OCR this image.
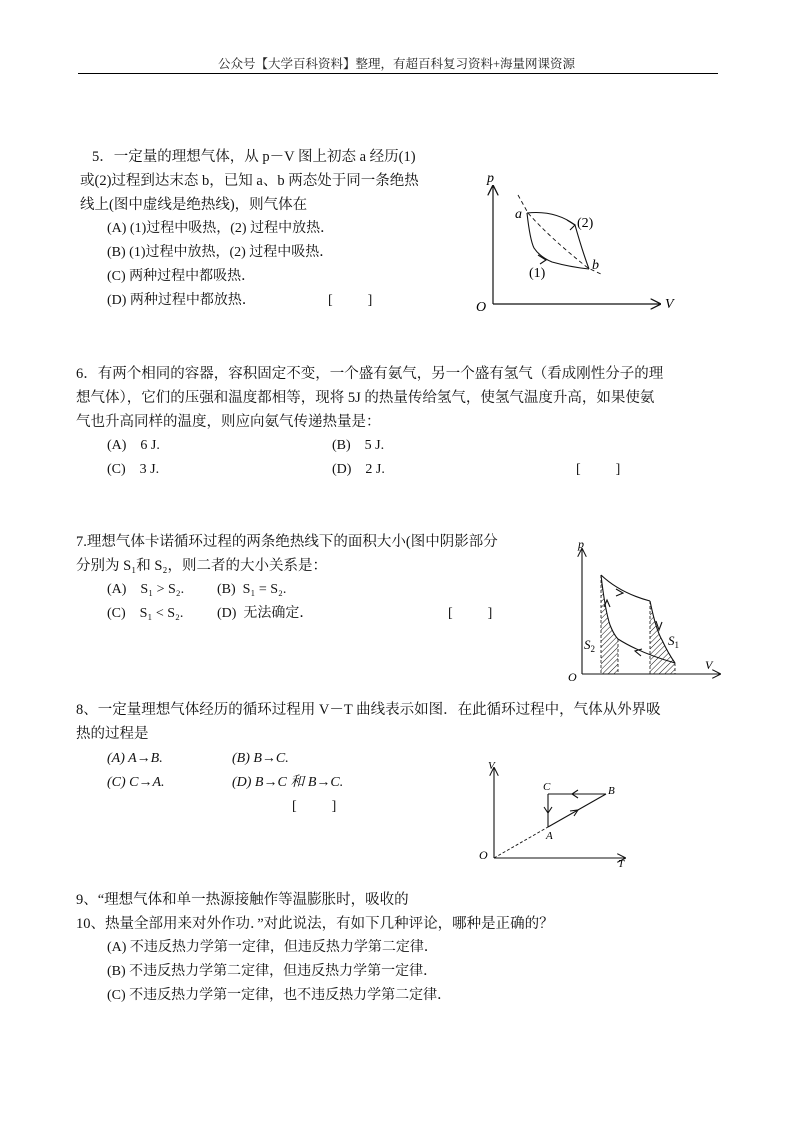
公众号【大学百科资料】整理，有超百科复习资料+海量网课资源
5．一定量的理想气体，从 p－V 图上初态 a 经历(1)
或(2)过程到达末态 b，已知 a、b 两态处于同一条绝热
线上(图中虚线是绝热线)，则气体在
(A) (1)过程中吸热，(2) 过程中放热．
(B) (1)过程中放热，(2) 过程中吸热．
(C) 两种过程中都吸热．
(D) 两种过程中都放热．	[          ]
p
V
O
a
b
(2)
(1)
6．有两个相同的容器，容积固定不变，一个盛有氨气，另一个盛有氢气（看成刚性分子的理
想气体），它们的压强和温度都相等，现将 5J 的热量传给氢气，使氢气温度升高，如果使氨
气也升高同样的温度，则应向氨气传递热量是：
(A)    6 J.	(B)    5 J.
(C)    3 J.	(D)    2 J.	[          ]
7.理想气体卡诺循环过程的两条绝热线下的面积大小(图中阴影部分
分别为 S₁和 S₂，则二者的大小关系是：
(A)    S₁ > S₂. (B)  S₁ = S₂.
(C)    S₁ < S₂. (D)  无法确定．	[          ]
p
V
O
$S_2$
$S_1$
8、一定量理想气体经历的循环过程用 V－T 曲线表示如图．在此循环过程中，气体从外界吸
热的过程是
(A) A→B.	(B) B→C.
(C) C→A.	(D) B→C 和 B→C.
[          ]
V
T
O
C	B
A
9、“理想气体和单一热源接触作等温膨胀时，吸收的
10、热量全部用来对外作功．”对此说法，有如下几种评论，哪种是正确的？
(A) 不违反热力学第一定律，但违反热力学第二定律．
(B) 不违反热力学第二定律，但违反热力学第一定律．
(C) 不违反热力学第一定律，也不违反热力学第二定律．
